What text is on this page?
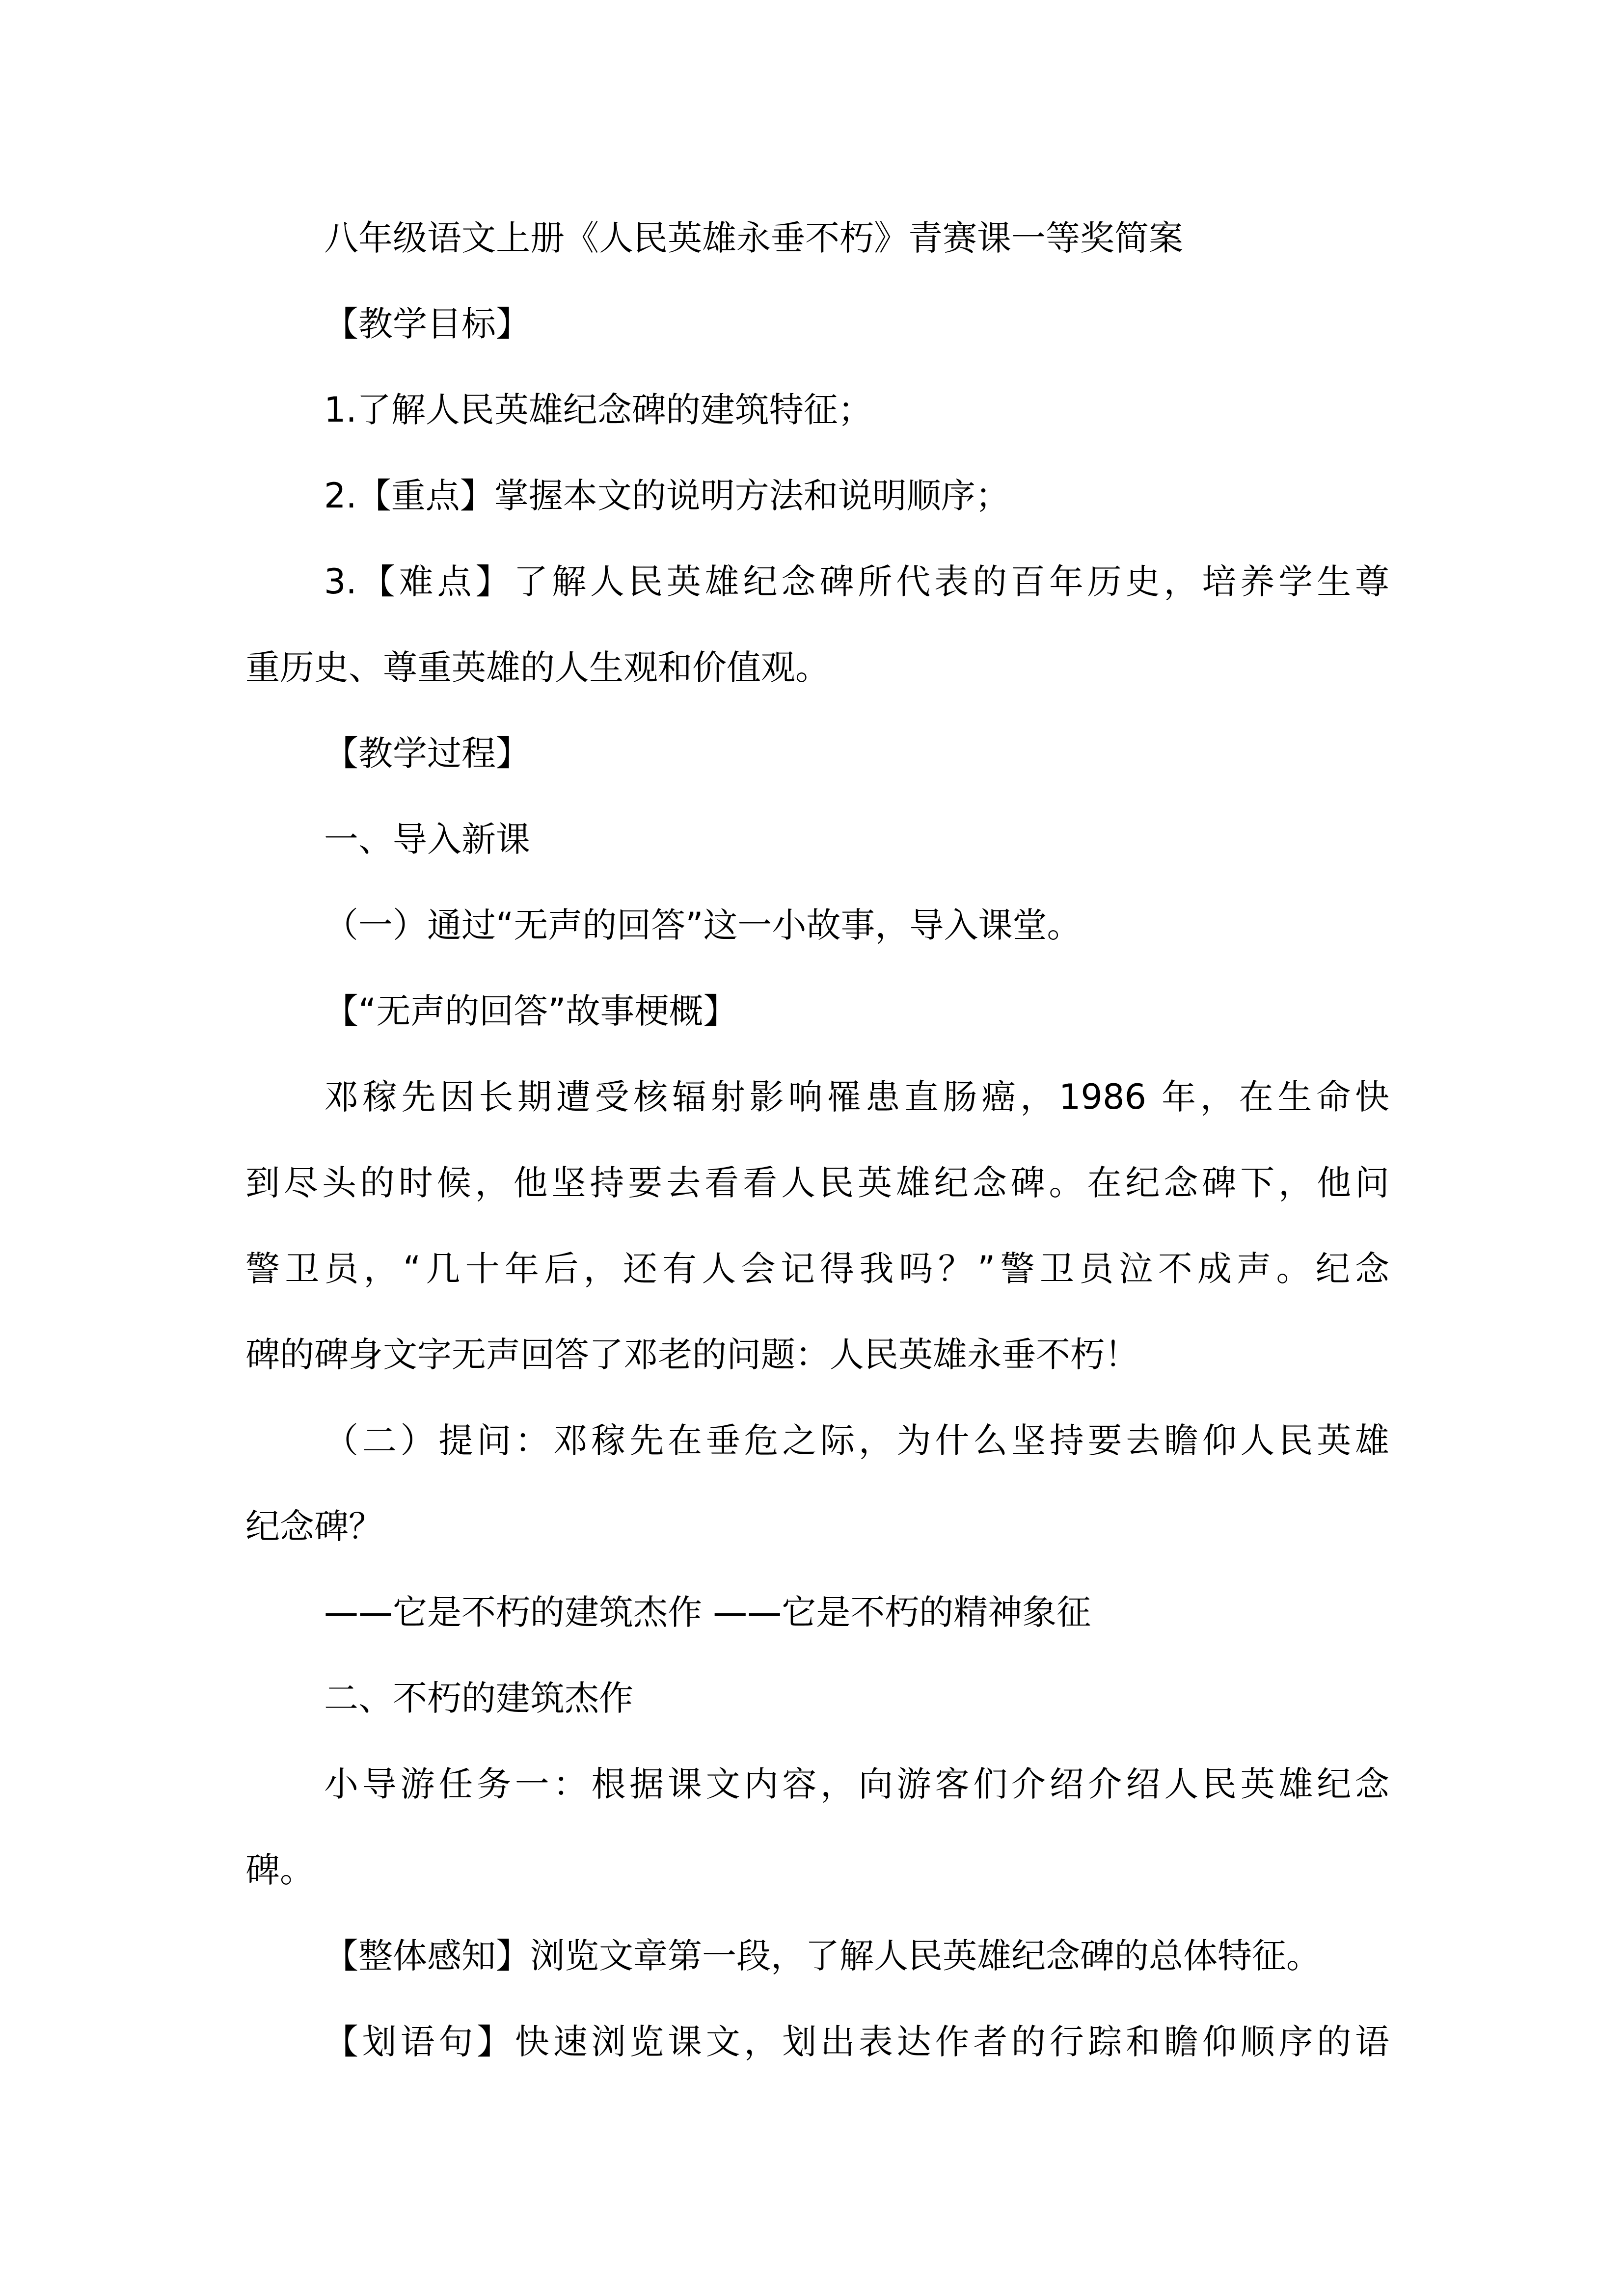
八年级语文上册《人民英雄永垂不朽》青赛课一等奖简案
【教学目标】
1.了解人民英雄纪念碑的建筑特征；
2.【重点】掌握本文的说明方法和说明顺序；
3.【难点】了解人民英雄纪念碑所代表的百年历史，培养学生尊
重历史、尊重英雄的人生观和价值观。
【教学过程】
一、导入新课
（一）通过“无声的回答”这一小故事，导入课堂。
【“无声的回答”故事梗概】
邓稼先因长期遭受核辐射影响罹患直肠癌，1986 年，在生命快
到尽头的时候，他坚持要去看看人民英雄纪念碑。在纪念碑下，他问
警卫员，“几十年后，还有人会记得我吗？”警卫员泣不成声。纪念
碑的碑身文字无声回答了邓老的问题：人民英雄永垂不朽！
（二）提问：邓稼先在垂危之际，为什么坚持要去瞻仰人民英雄
纪念碑？
——它是不朽的建筑杰作 ——它是不朽的精神象征
二、不朽的建筑杰作
小导游任务一：根据课文内容，向游客们介绍介绍人民英雄纪念
碑。
【整体感知】浏览文章第一段，了解人民英雄纪念碑的总体特征。
【划语句】快速浏览课文，划出表达作者的行踪和瞻仰顺序的语
